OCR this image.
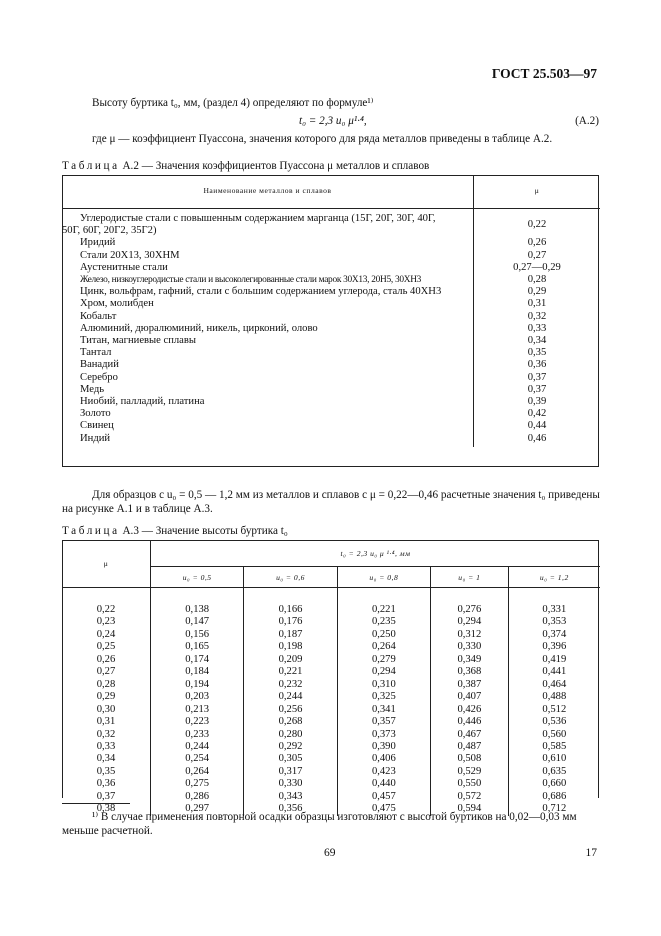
ГОСТ 25.503—97
Высоту буртика t₀, мм, (раздел 4) определяют по формуле¹⁾
t₀ = 2,3 u₀ μ¹·⁴,	(А.2)
где μ — коэффициент Пуассона, значения которого для ряда металлов приведены в таблице А.2.
Таблица А.2 — Значения коэффициентов Пуассона μ металлов и сплавов
Наименование металлов и сплавов	μ

Углеродистые стали с повышенным содержанием марганца (15Г, 20Г, 30Г, 40Г,
50Г, 60Г, 20Г2, 35Г2)	0,22
Иридий	0,26
Стали 20Х13, 30ХНМ	0,27
Аустенитные стали	0,27—0,29
Железо, низкоуглеродистые стали и высоколегированные стали марок 30Х13, 20Н5, 30ХН3	0,28
Цинк, вольфрам, гафний, стали с большим содержанием углерода, сталь 40ХН3	0,29
Хром, молибден	0,31
Кобальт	0,32
Алюминий, дюралюминий, никель, цирконий, олово	0,33
Титан, магниевые сплавы	0,34
Тантал	0,35
Ванадий	0,36
Серебро	0,37
Медь	0,37
Ниобий, палладий, платина	0,39
Золото	0,42
Свинец	0,44
Индий	0,46
Для образцов с u₀ = 0,5 — 1,2 мм из металлов и сплавов с μ = 0,22—0,46 расчетные значения t₀ приведены
на рисунке А.1 и в таблице А.3.
Таблица А.3 — Значение высоты буртика t₀
μ	t₀ = 2,3 u₀ μ ¹·⁴, мм				
	u₀ = 0,5	u₀ = 0,6	u₀ = 0,8	u₀ = 1	u₀ = 1,2

0,22	0,138	0,166	0,221	0,276	0,331
0,23	0,147	0,176	0,235	0,294	0,353
0,24	0,156	0,187	0,250	0,312	0,374
0,25	0,165	0,198	0,264	0,330	0,396
0,26	0,174	0,209	0,279	0,349	0,419
0,27	0,184	0,221	0,294	0,368	0,441
0,28	0,194	0,232	0,310	0,387	0,464
0,29	0,203	0,244	0,325	0,407	0,488
0,30	0,213	0,256	0,341	0,426	0,512
0,31	0,223	0,268	0,357	0,446	0,536
0,32	0,233	0,280	0,373	0,467	0,560
0,33	0,244	0,292	0,390	0,487	0,585
0,34	0,254	0,305	0,406	0,508	0,610
0,35	0,264	0,317	0,423	0,529	0,635
0,36	0,275	0,330	0,440	0,550	0,660
0,37	0,286	0,343	0,457	0,572	0,686
0,38	0,297	0,356	0,475	0,594	0,712
¹⁾ В случае применения повторной осадки образцы изготовляют с высотой буртиков на 0,02—0,03 мм
меньше расчетной.
69	17
